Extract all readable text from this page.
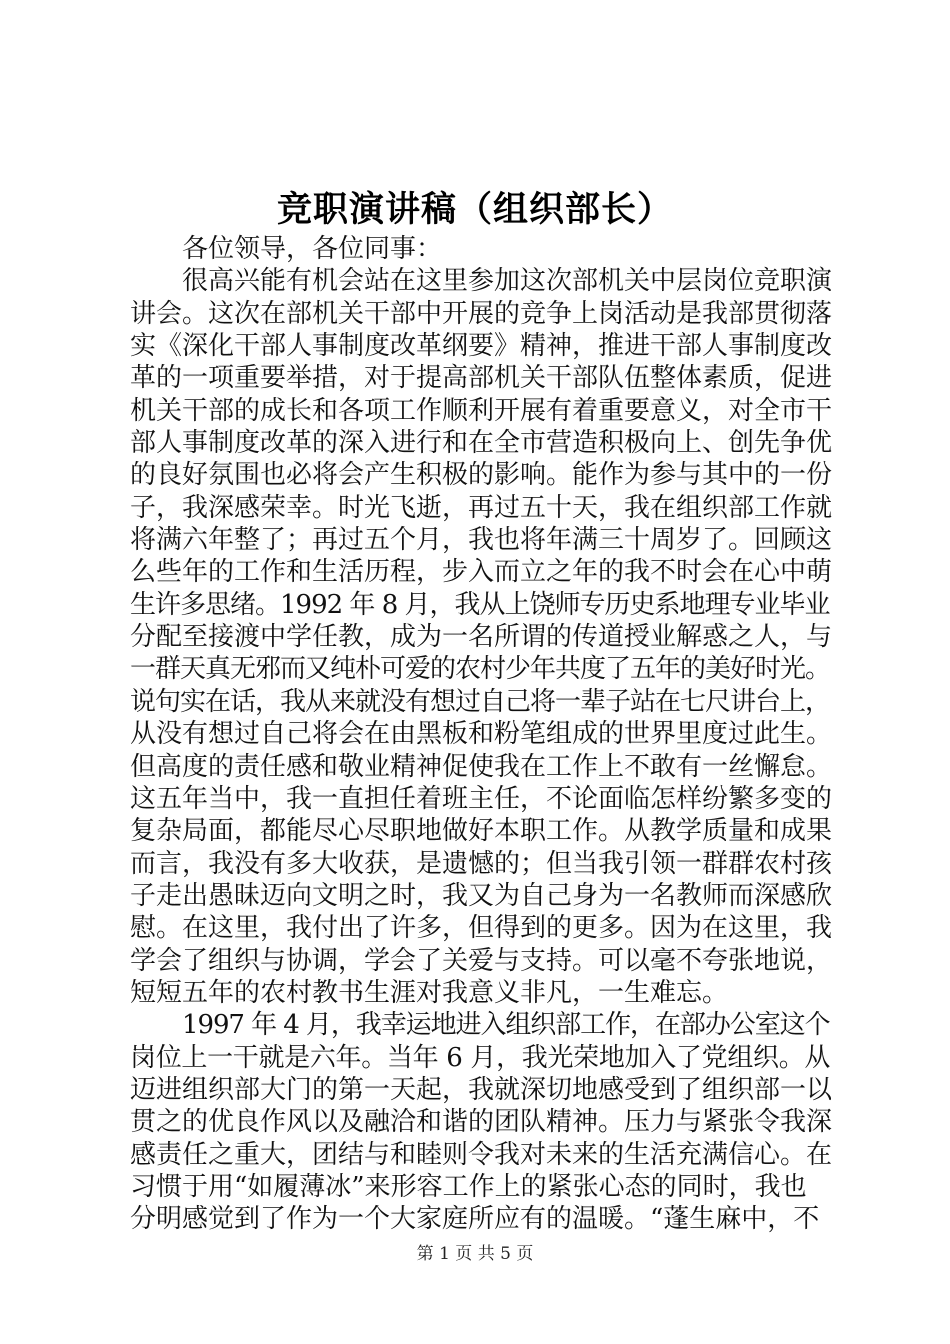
竞职演讲稿（组织部长）
各位领导，各位同事：
很高兴能有机会站在这里参加这次部机关中层岗位竞职演
讲会。这次在部机关干部中开展的竞争上岗活动是我部贯彻落
实《深化干部人事制度改革纲要》精神，推进干部人事制度改
革的一项重要举措，对于提高部机关干部队伍整体素质，促进
机关干部的成长和各项工作顺利开展有着重要意义，对全市干
部人事制度改革的深入进行和在全市营造积极向上、创先争优
的良好氛围也必将会产生积极的影响。能作为参与其中的一份
子，我深感荣幸。时光飞逝，再过五十天，我在组织部工作就
将满六年整了；再过五个月，我也将年满三十周岁了。回顾这
么些年的工作和生活历程，步入而立之年的我不时会在心中萌
生许多思绪。1992 年 8 月，我从上饶师专历史系地理专业毕业
分配至接渡中学任教，成为一名所谓的传道授业解惑之人，与
一群天真无邪而又纯朴可爱的农村少年共度了五年的美好时光。
说句实在话，我从来就没有想过自己将一辈子站在七尺讲台上，
从没有想过自己将会在由黑板和粉笔组成的世界里度过此生。
但高度的责任感和敬业精神促使我在工作上不敢有一丝懈怠。
这五年当中，我一直担任着班主任，不论面临怎样纷繁多变的
复杂局面，都能尽心尽职地做好本职工作。从教学质量和成果
而言，我没有多大收获，是遗憾的；但当我引领一群群农村孩
子走出愚昧迈向文明之时，我又为自己身为一名教师而深感欣
慰。在这里，我付出了许多，但得到的更多。因为在这里，我
学会了组织与协调，学会了关爱与支持。可以毫不夸张地说，
短短五年的农村教书生涯对我意义非凡，一生难忘。
1997 年 4 月，我幸运地进入组织部工作，在部办公室这个
岗位上一干就是六年。当年 6 月，我光荣地加入了党组织。从
迈进组织部大门的第一天起，我就深切地感受到了组织部一以
贯之的优良作风以及融洽和谐的团队精神。压力与紧张令我深
感责任之重大，团结与和睦则令我对未来的生活充满信心。在
习惯于用“如履薄冰”来形容工作上的紧张心态的同时，我也
分明感觉到了作为一个大家庭所应有的温暖。“蓬生麻中，不
第 1 页 共 5 页
